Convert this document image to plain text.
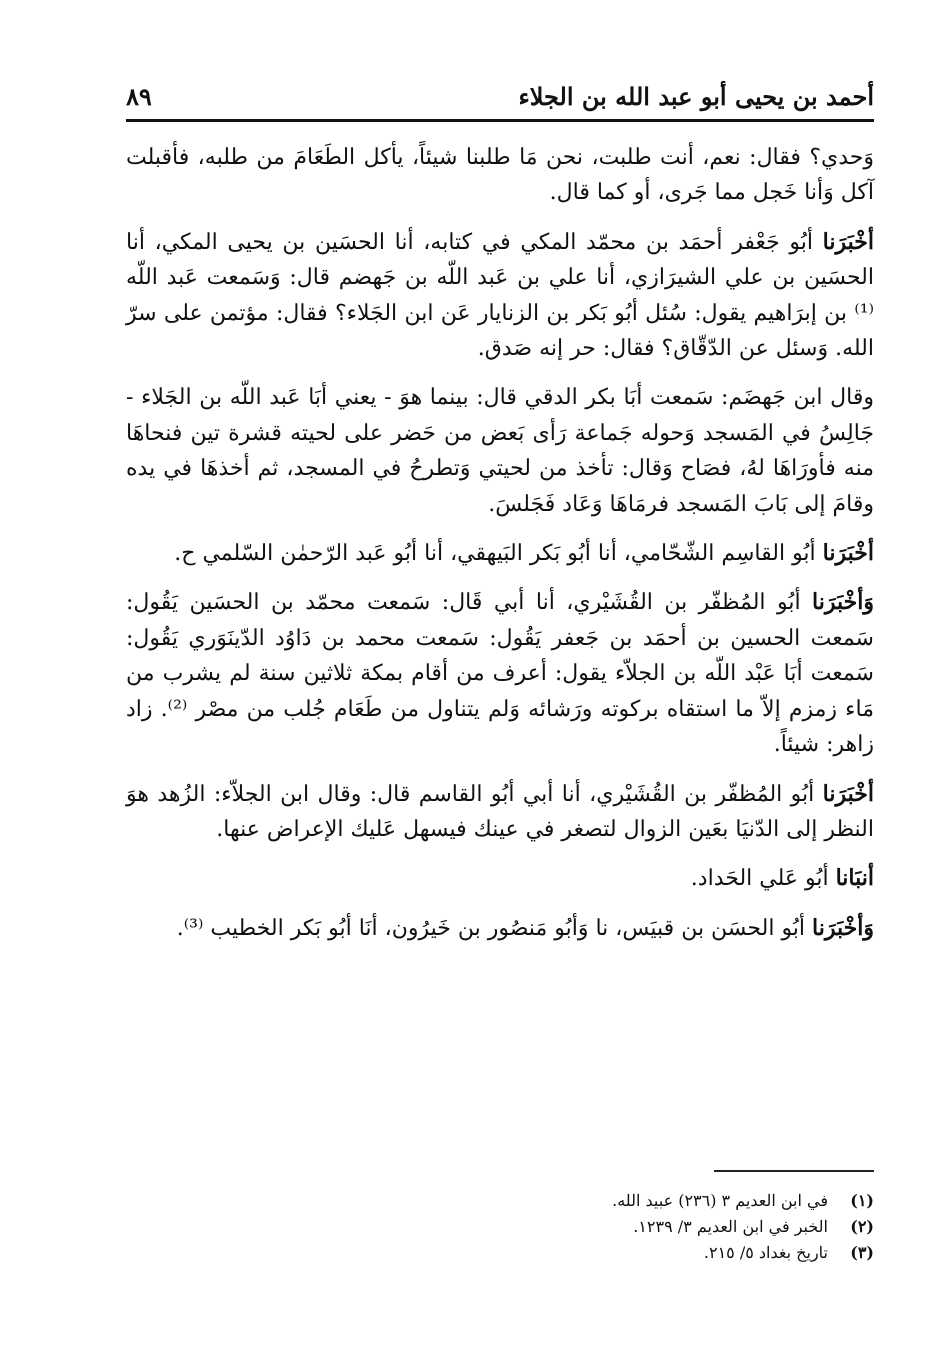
أحمد بن يحيى أبو عبد الله بن الجلاء
٨٩

وَحدي؟ فقال: نعم، أنت طلبت، نحن مَا طلبنا شيئاً، يأكل الطَعَامَ من طلبه، فأقبلت آكل وَأنا خَجل مما جَرى، أو كما قال.

أخْبَرَنا أبُو جَعْفر أحمَد بن محمّد المكي في كتابه، أنا الحسَين بن يحيى المكي، أنا الحسَين بن علي الشيرَازي، أنا علي بن عَبد اللّه بن جَهضم قال: وَسَمعت عَبد اللّه ⁽¹⁾ بن إبرَاهيم يقول: سُئل أبُو بَكر بن الزنايار عَن ابن الجَلاء؟ فقال: مؤتمن على سرّ الله. وَسئل عن الدّقّاق؟ فقال: حر إنه صَدق.

وقال ابن جَهضَم: سَمعت أبَا بكر الدقي قال: بينما هوَ - يعني أبَا عَبد اللّه بن الجَلاء - جَالِسُ في المَسجد وَحوله جَماعة رَأى بَعض من حَضر على لحيته قشرة تين فنحاهَا منه فأورَاهَا لهُ، فصَاح وَقال: تأخذ من لحيتي وَتطرحُ في المسجد، ثم أخذهَا في يده وقامَ إلى بَابَ المَسجد فرمَاهَا وَعَاد فَجَلسَ.

أخْبَرَنا أبُو القاسِم الشّحّامي، أنا أبُو بَكر البَيهقي، أنا أبُو عَبد الرّحمٰن السّلمي ح.

وَأخْبَرَنا أبُو المُظفّر بن القُشَيْري، أنا أبي قَال: سَمعت محمّد بن الحسَين يَقُول: سَمعت الحسين بن أحمَد بن جَعفر يَقُول: سَمعت محمد بن دَاوُد الدّينَوَري يَقُول: سَمعت أبَا عَبْد اللّه بن الجلاّء يقول: أعرف من أقام بمكة ثلاثين سنة لم يشرب من مَاء زمزم إلاّ ما استقاه بركوته ورَشائه وَلم يتناول من طَعَام جُلب من مصْر ⁽²⁾. زاد زاهر: شيئاً.

أخْبَرَنا أبُو المُظفّر بن القُشَيْري، أنا أبي أبُو القاسم قال: وقال ابن الجلاّء: الزُهد هوَ النظر إلى الدّنيَا بعَين الزوال لتصغر في عينك فيسهل عَليك الإعراض عنها.

أنبَانا أبُو عَلي الحَداد.

وَأخْبَرَنا أبُو الحسَن بن قبيَس، نا وَأبُو مَنصُور بن خَيرُون، أنَا أبُو بَكر الخطيب ⁽³⁾.

(١)
في ابن العديم ٣ (٢٣٦) عبيد الله.
(٢)
الخبر في ابن العديم ٣/ ١٢٣٩.
(٣)
تاريخ بغداد ٥/ ٢١٥.
